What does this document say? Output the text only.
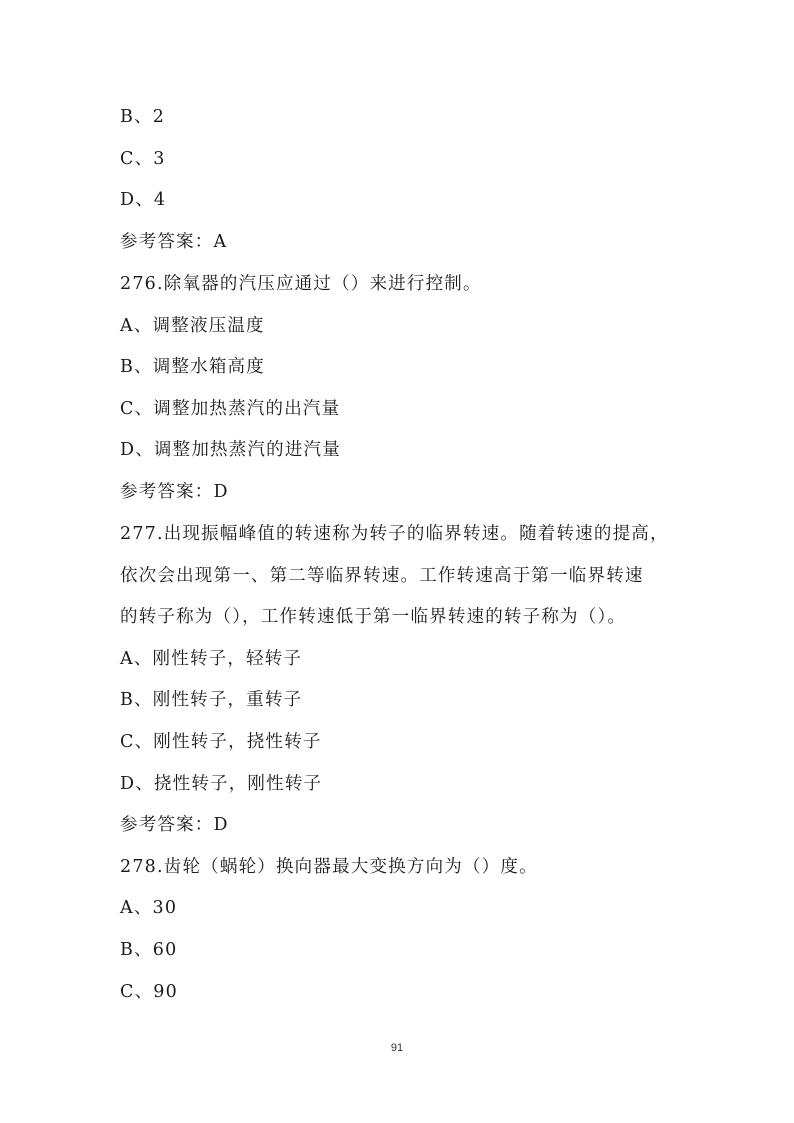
B、2
C、3
D、4
参考答案：A
276.除氧器的汽压应通过（）来进行控制。
A、调整液压温度
B、调整水箱高度
C、调整加热蒸汽的出汽量
D、调整加热蒸汽的进汽量
参考答案：D
277.出现振幅峰值的转速称为转子的临界转速。随着转速的提高，
依次会出现第一、第二等临界转速。工作转速高于第一临界转速
的转子称为（），工作转速低于第一临界转速的转子称为（）。
A、刚性转子，轻转子
B、刚性转子，重转子
C、刚性转子，挠性转子
D、挠性转子，刚性转子
参考答案：D
278.齿轮（蜗轮）换向器最大变换方向为（）度。
A、30
B、60
C、90
91
